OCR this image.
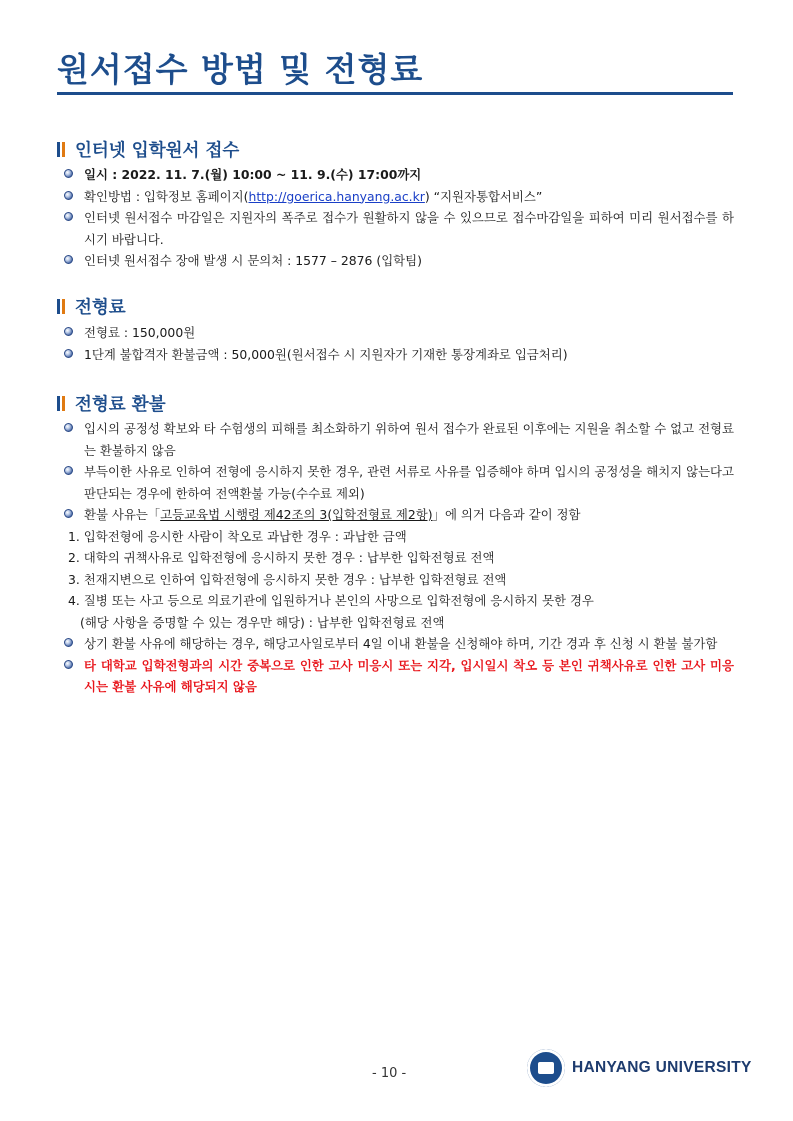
원서접수 방법 및 전형료
인터넷 입학원서 접수
일시 : 2022. 11. 7.(월) 10:00 ~ 11. 9.(수) 17:00까지
확인방법 : 입학정보 홈페이지(http://goerica.hanyang.ac.kr) “지원자통합서비스”
인터넷 원서접수 마감일은 지원자의 폭주로 접수가 원활하지 않을 수 있으므로 접수마감일을 피하여 미리 원서접수를 하시기 바랍니다.
인터넷 원서접수 장애 발생 시 문의처 : 1577 – 2876 (입학팀)
전형료
전형료 : 150,000원
1단계 불합격자 환불금액 : 50,000원(원서접수 시 지원자가 기재한 통장계좌로 입금처리)
전형료 환불
입시의 공정성 확보와 타 수험생의 피해를 최소화하기 위하여 원서 접수가 완료된 이후에는 지원을 취소할 수 없고 전형료는 환불하지 않음
부득이한 사유로 인하여 전형에 응시하지 못한 경우, 관련 서류로 사유를 입증해야 하며 입시의 공정성을 해치지 않는다고 판단되는 경우에 한하여 전액환불 가능(수수료 제외)
환불 사유는「고등교육법 시행령 제42조의 3(입학전형료 제2항)」에 의거 다음과 같이 정함
1. 입학전형에 응시한 사람이 착오로 과납한 경우 : 과납한 금액
2. 대학의 귀책사유로 입학전형에 응시하지 못한 경우 : 납부한 입학전형료 전액
3. 천재지변으로 인하여 입학전형에 응시하지 못한 경우 : 납부한 입학전형료 전액
4. 질병 또는 사고 등으로 의료기관에 입원하거나 본인의 사망으로 입학전형에 응시하지 못한 경우
(해당 사항을 증명할 수 있는 경우만 해당) : 납부한 입학전형료 전액
상기 환불 사유에 해당하는 경우, 해당고사일로부터 4일 이내 환불을 신청해야 하며, 기간 경과 후 신청 시 환불 불가함
타 대학교 입학전형과의 시간 중복으로 인한 고사 미응시 또는 지각, 입시일시 착오 등 본인 귀책사유로 인한 고사 미응시는 환불 사유에 해당되지 않음
- 10 -	HANYANG UNIVERSITY
